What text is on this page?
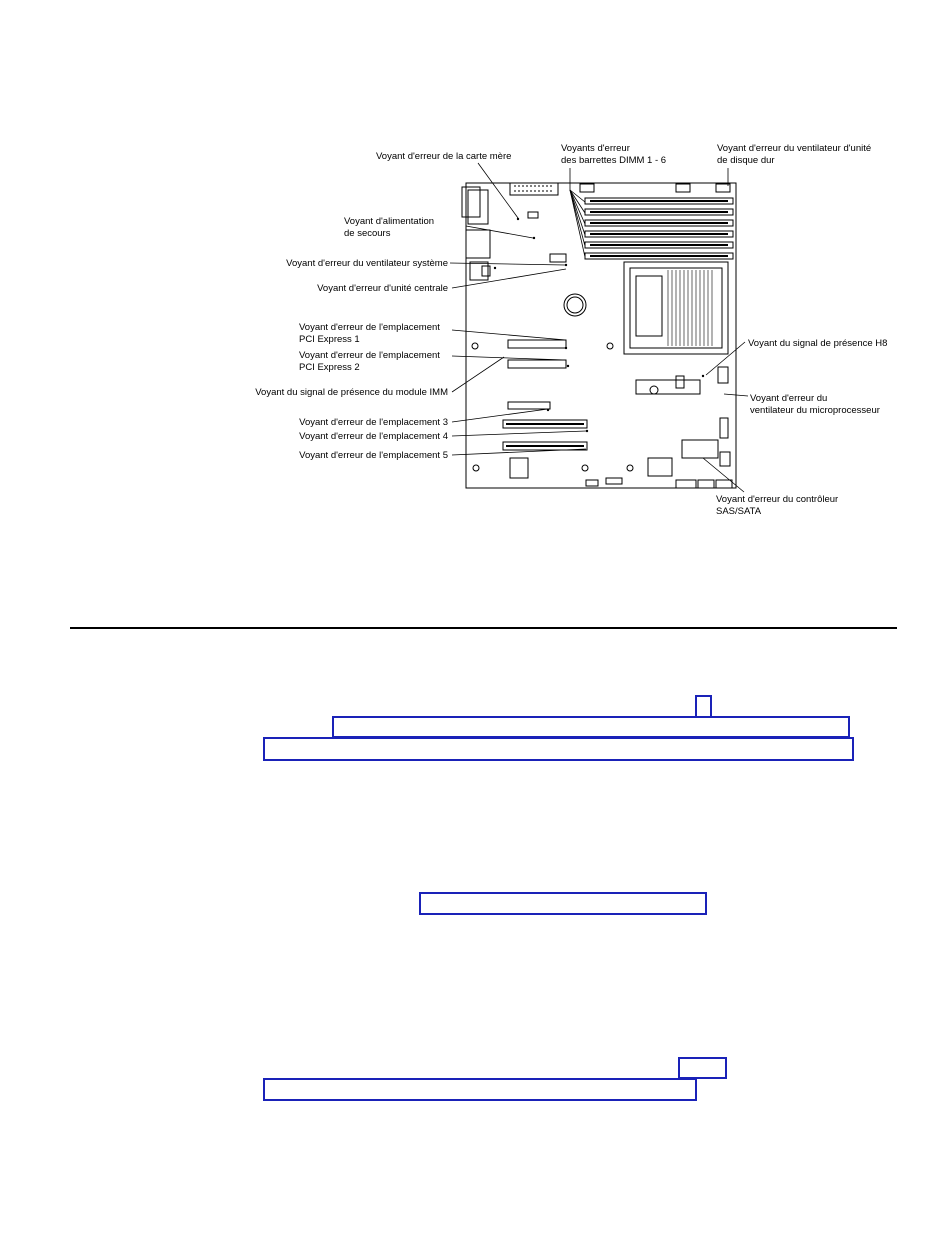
Voyant d'erreur de la carte mère
Voyant d'alimentation
de secours
Voyant d'erreur du ventilateur système
Voyant d'erreur d'unité centrale
Voyant d'erreur de l'emplacement
PCI Express 1
Voyant d'erreur de l'emplacement
PCI Express 2
Voyant du signal de présence du module IMM
Voyant d'erreur de l'emplacement 3
Voyant d'erreur de l'emplacement 4
Voyant d'erreur de l'emplacement 5
Voyants d'erreur
des barrettes DIMM 1 - 6
Voyant d'erreur du ventilateur d'unité
de disque dur
Voyant du signal de présence H8
Voyant d'erreur du
ventilateur du microprocesseur
Voyant d'erreur du contrôleur
SAS/SATA
